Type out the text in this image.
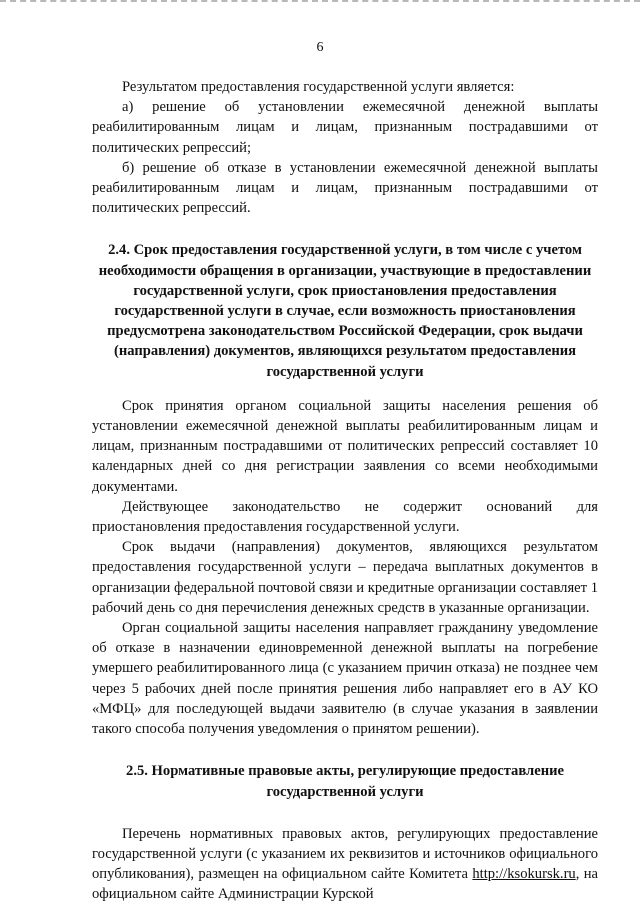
6

Результатом предоставления государственной услуги является:

а) решение об установлении ежемесячной денежной выплаты реабилитированным лицам и лицам, признанным пострадавшими от политических репрессий;

б) решение об отказе в установлении ежемесячной денежной выплаты реабилитированным лицам и лицам, признанным пострадавшими от политических репрессий.

2.4. Срок предоставления государственной услуги, в том числе с учетом необходимости обращения в организации, участвующие в предоставлении государственной услуги, срок приостановления предоставления государственной услуги в случае, если возможность приостановления предусмотрена законодательством Российской Федерации, срок выдачи (направления) документов, являющихся результатом предоставления государственной услуги

Срок принятия органом социальной защиты населения решения об установлении ежемесячной денежной выплаты реабилитированным лицам и лицам, признанным пострадавшими от политических репрессий составляет 10 календарных дней со дня регистрации заявления со всеми необходимыми документами.

Действующее законодательство не содержит оснований для приостановления предоставления государственной услуги.

Срок выдачи (направления) документов, являющихся результатом предоставления государственной услуги – передача выплатных документов в организации федеральной почтовой связи и кредитные организации составляет 1 рабочий день со дня перечисления денежных средств в указанные организации.

Орган социальной защиты населения направляет гражданину уведомление об отказе в назначении единовременной денежной выплаты на погребение умершего реабилитированного лица (с указанием причин отказа) не позднее чем через 5 рабочих дней после принятия решения либо направляет его в АУ КО «МФЦ» для последующей выдачи заявителю (в случае указания в заявлении такого способа получения уведомления о принятом решении).

2.5. Нормативные правовые акты, регулирующие предоставление государственной услуги

Перечень нормативных правовых актов, регулирующих предоставление государственной услуги (с указанием их реквизитов и источников официального опубликования), размещен на официальном сайте Комитета http://ksokursk.ru, на официальном сайте Администрации Курской
